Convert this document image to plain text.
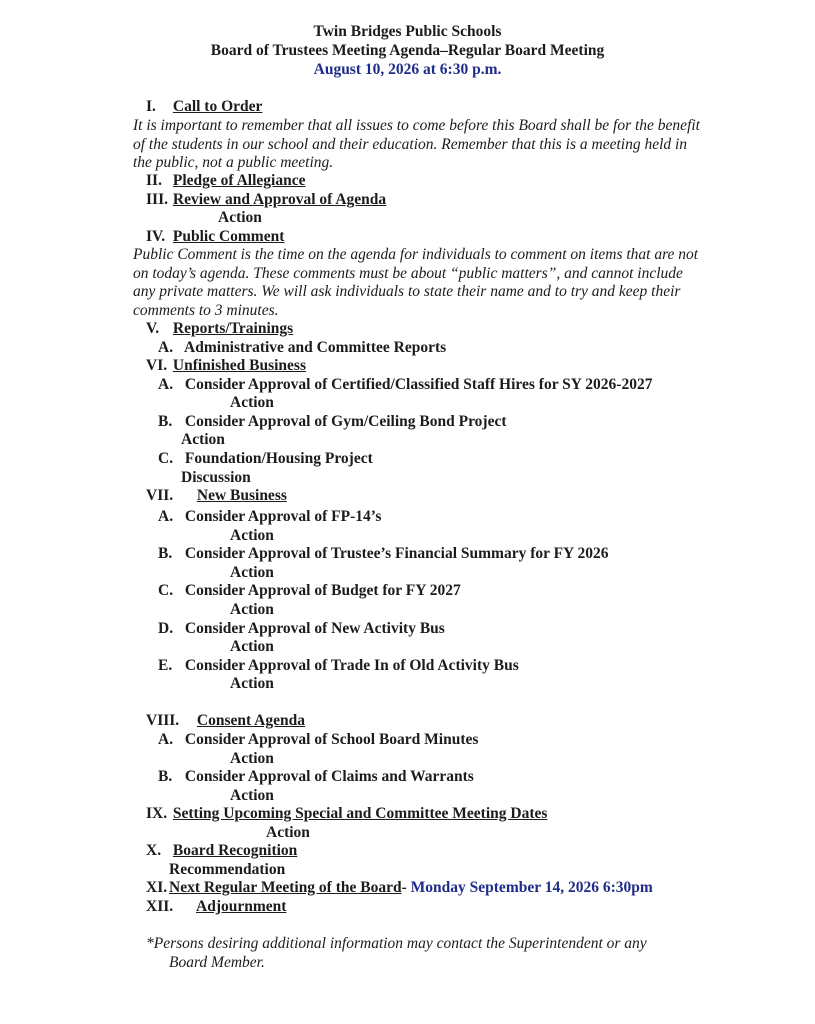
Twin Bridges Public Schools
Board of Trustees Meeting Agenda–Regular Board Meeting
August 10, 2026 at 6:30 p.m.
I. Call to Order
It is important to remember that all issues to come before this Board shall be for the benefit of the students in our school and their education. Remember that this is a meeting held in the public, not a public meeting.
II. Pledge of Allegiance
III. Review and Approval of Agenda
Action
IV. Public Comment
Public Comment is the time on the agenda for individuals to comment on items that are not on today’s agenda. These comments must be about “public matters”, and cannot include any private matters. We will ask individuals to state their name and to try and keep their comments to 3 minutes.
V. Reports/Trainings
A. Administrative and Committee Reports
VI. Unfinished Business
A. Consider Approval of Certified/Classified Staff Hires for SY 2026-2027
Action
B. Consider Approval of Gym/Ceiling Bond Project
Action
C. Foundation/Housing Project
Discussion
VII. New Business
A. Consider Approval of FP-14’s
Action
B. Consider Approval of Trustee’s Financial Summary for FY 2026
Action
C. Consider Approval of Budget for FY 2027
Action
D. Consider Approval of New Activity Bus
Action
E. Consider Approval of Trade In of Old Activity Bus
Action
VIII. Consent Agenda
A. Consider Approval of School Board Minutes
Action
B. Consider Approval of Claims and Warrants
Action
IX. Setting Upcoming Special and Committee Meeting Dates
Action
X. Board Recognition
Recommendation
XI. Next Regular Meeting of the Board- Monday September 14, 2026 6:30pm
XII. Adjournment
*Persons desiring additional information may contact the Superintendent or any
Board Member.
